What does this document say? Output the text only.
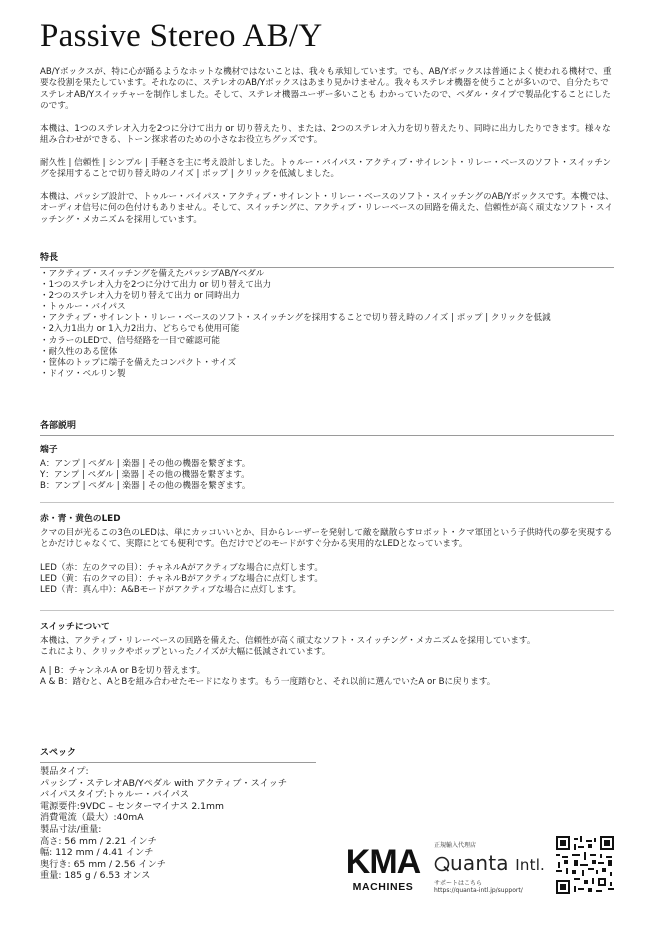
Passive Stereo AB/Y

AB/Yボックスが、特に心が踊るようなホットな機材ではないことは、我々も承知しています。でも、AB/Yボックスは普通によく使われる機材で、重要な役割を果たしています。それなのに、ステレオのAB/Yボックスはあまり見かけません。我々もステレオ機器を使うことが多いので、自分たちでステレオAB/Yスイッチャーを制作しました。そして、ステレオ機器ユーザー多いことも わかっていたので、ペダル・タイプで製品化することにしたのです。

本機は、1つのステレオ入力を2つに分けて出力 or 切り替えたり、または、2つのステレオ入力を切り替えたり、同時に出力したりできます。様々な組み合わせができる、トーン探求者のための小さなお役立ちグッズです。

耐久性 | 信頼性 | シンプル | 手軽さを主に考え設計しました。トゥルー・バイパス・アクティブ・サイレント・リレー・ベースのソフト・スイッチングを採用することで切り替え時のノイズ | ポップ | クリックを低減しました。

本機は、パッシブ設計で、トゥルー・バイパス・アクティブ・サイレント・リレー・ベースのソフト・スイッチングのAB/Yボックスです。本機では、オーディオ信号に何の色付けもありません。そして、スイッチングに、アクティブ・リレーベースの回路を備えた、信頼性が高く頑丈なソフト・スイッチング・メカニズムを採用しています。

特長
・アクティブ・スイッチングを備えたパッシブAB/Yペダル
・1つのステレオ入力を2つに分けて出力 or 切り替えて出力
・2つのステレオ入力を切り替えて出力 or 同時出力
・トゥルー・バイパス
・アクティブ・サイレント・リレー・ベースのソフト・スイッチングを採用することで切り替え時のノイズ | ポップ | クリックを低減
・2入力1出力 or 1入力2出力、どちらでも使用可能
・カラーのLEDで、信号経路を一目で確認可能
・耐久性のある筐体
・筐体のトップに端子を備えたコンパクト・サイズ
・ドイツ・ベルリン製
各部説明
端子
A：アンプ | ペダル | 楽器 | その他の機器を繋ぎます。
Y：アンプ | ペダル | 楽器 | その他の機器を繋ぎます。
B：アンプ | ペダル | 楽器 | その他の機器を繋ぎます。
赤・青・黄色のLED

クマの目が光るこの3色のLEDは、単にカッコいいとか、目からレーザーを発射して敵を蹴散らすロボット・クマ軍団という子供時代の夢を実現するとかだけじゃなくて、実際にとても便利です。色だけでどのモードがすぐ分かる実用的なLEDとなっています。

LED（赤：左のクマの目）：チャネルAがアクティブな場合に点灯します。
LED（黄：右のクマの目）：チャネルBがアクティブな場合に点灯します。
LED（青：真ん中）：A&Bモードがアクティブな場合に点灯します。
スイッチについて
本機は、アクティブ・リレーベースの回路を備えた、信頼性が高く頑丈なソフト・スイッチング・メカニズムを採用しています。
これにより、クリックやポップといったノイズが大幅に低減されています。
A | B：チャンネルA or Bを切り替えます。
A & B：踏むと、AとBを組み合わせたモードになります。もう一度踏むと、それ以前に選んでいたA or Bに戻ります。
スペック
製品タイプ:
パッシブ・ステレオAB/Yペダル with アクティブ・スイッチ
バイパスタイプ:トゥルー・バイパス
電源要件:9VDC – センターマイナス 2.1mm
消費電流（最大）:40mA
製品寸法/重量:
高さ: 56 mm / 2.21 インチ
幅: 112 mm / 4.41 インチ
奥行き: 65 mm / 2.56 インチ
重量: 185 g / 6.53 オンス	KMA
MACHINES
正規輸入代理店
uanta Intl.
サポートはこちら
https://quanta-intl.jp/support/
